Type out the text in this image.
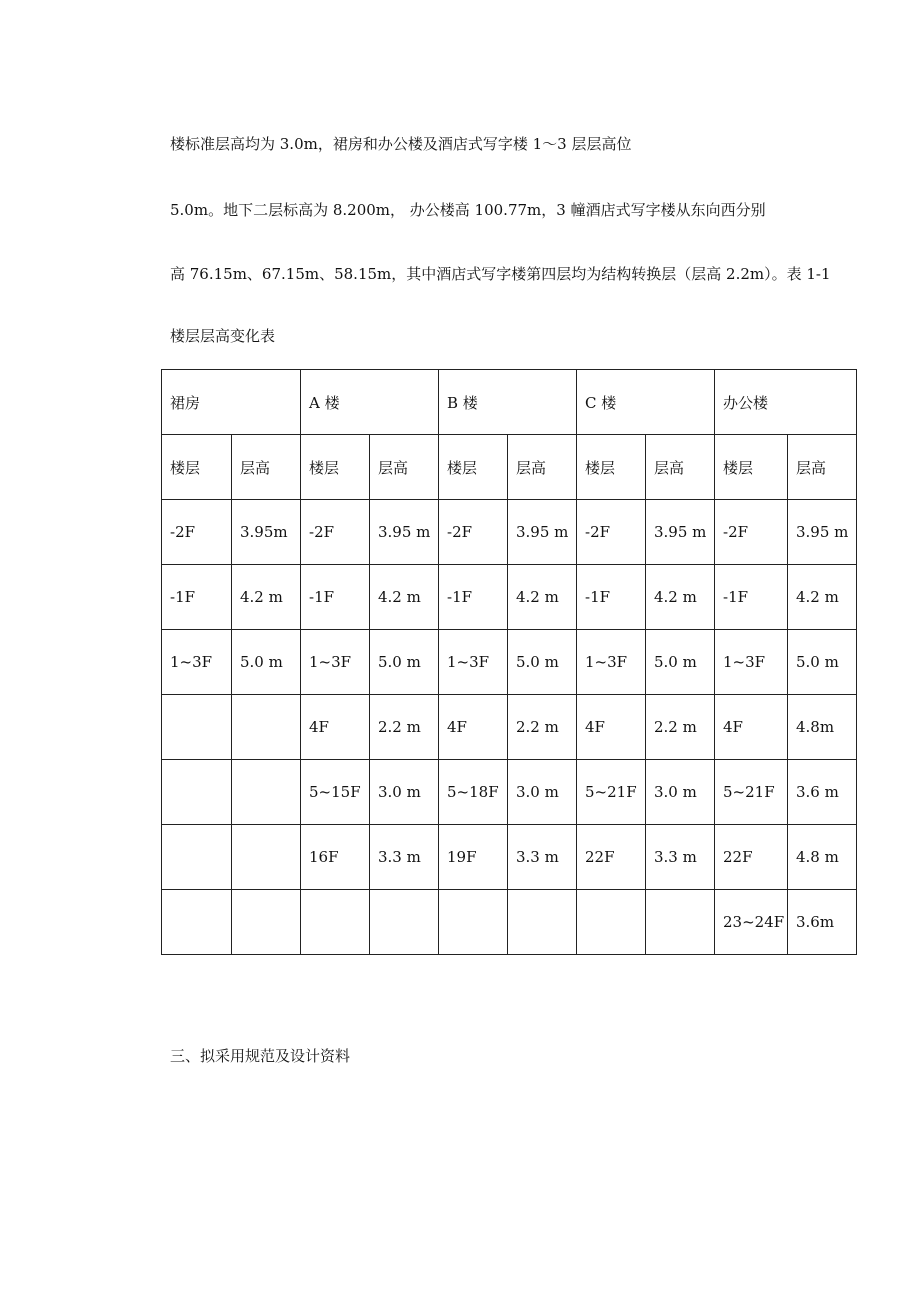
楼标准层高均为 3.0m，裙房和办公楼及酒店式写字楼 1～3 层层高位

5.0m。地下二层标高为 8.200m， 办公楼高 100.77m，3 幢酒店式写字楼从东向西分别

高 76.15m、67.15m、58.15m，其中酒店式写字楼第四层均为结构转换层（层高 2.2m）。表 1-1

楼层层高变化表

裙房		A 楼		B 楼		C 楼		办公楼	
楼层	层高	楼层	层高	楼层	层高	楼层	层高	楼层	层高
-2F	3.95m	-2F	3.95 m	-2F	3.95 m	-2F	3.95 m	-2F	3.95 m
-1F	4.2 m	-1F	4.2 m	-1F	4.2 m	-1F	4.2 m	-1F	4.2 m
1~3F	5.0 m	1~3F	5.0 m	1~3F	5.0 m	1~3F	5.0 m	1~3F	5.0 m
		4F	2.2 m	4F	2.2 m	4F	2.2 m	4F	4.8m
		5~15F	3.0 m	5~18F	3.0 m	5~21F	3.0 m	5~21F	3.6 m
		16F	3.3 m	19F	3.3 m	22F	3.3 m	22F	4.8 m
								23~24F	3.6m

三、拟采用规范及设计资料
